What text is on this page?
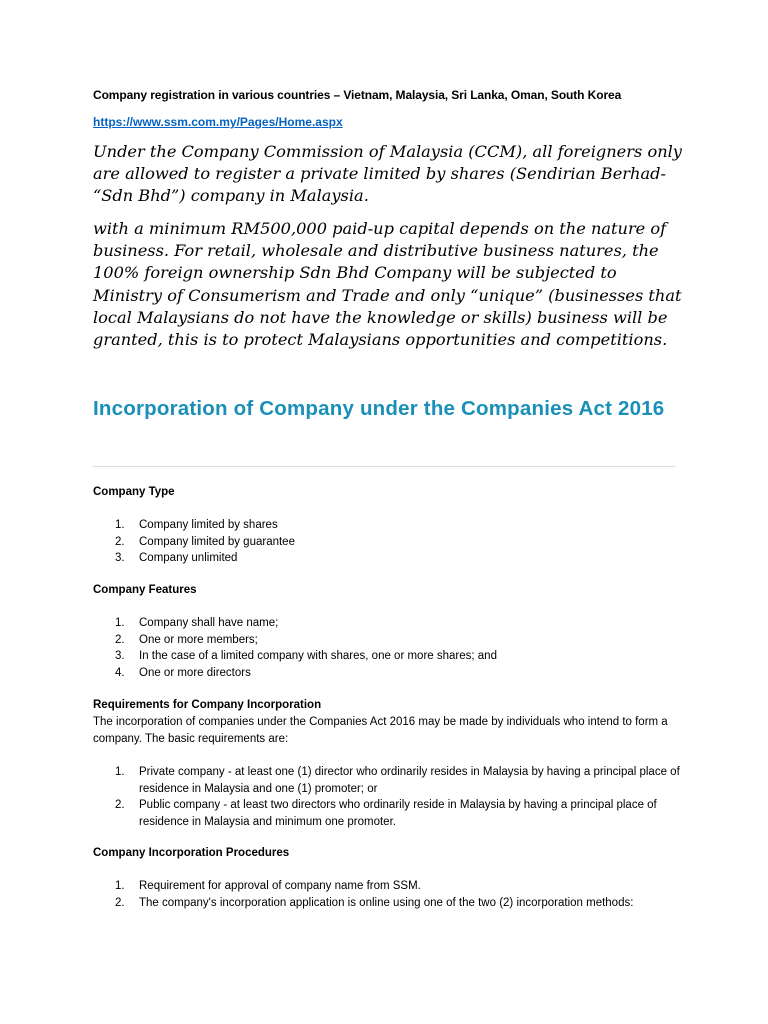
Company registration in various countries – Vietnam, Malaysia, Sri Lanka, Oman, South Korea

https://www.ssm.com.my/Pages/Home.aspx

Under the Company Commission of Malaysia (CCM), all foreigners only are allowed to register a private limited by shares (Sendirian Berhad- “Sdn Bhd”) company in Malaysia.

with a minimum RM500,000 paid-up capital depends on the nature of business. For retail, wholesale and distributive business natures, the 100% foreign ownership Sdn Bhd Company will be subjected to Ministry of Consumerism and Trade and only “unique” (businesses that local Malaysians do not have the knowledge or skills) business will be granted, this is to protect Malaysians opportunities and competitions.

Incorporation of Company under the Companies Act 2016

Company Type

1. Company limited by shares
2. Company limited by guarantee
3. Company unlimited

Company Features

1. Company shall have name;
2. One or more members;
3. In the case of a limited company with shares, one or more shares; and
4. One or more directors

Requirements for Company Incorporation

The incorporation of companies under the Companies Act 2016 may be made by individuals who intend to form a company. The basic requirements are:

1. Private company - at least one (1) director who ordinarily resides in Malaysia by having a principal place of residence in Malaysia and one (1) promoter; or
2. Public company - at least two directors who ordinarily reside in Malaysia by having a principal place of residence in Malaysia and minimum one promoter.

Company Incorporation Procedures

1. Requirement for approval of company name from SSM.
2. The company's incorporation application is online using one of the two (2) incorporation methods:
